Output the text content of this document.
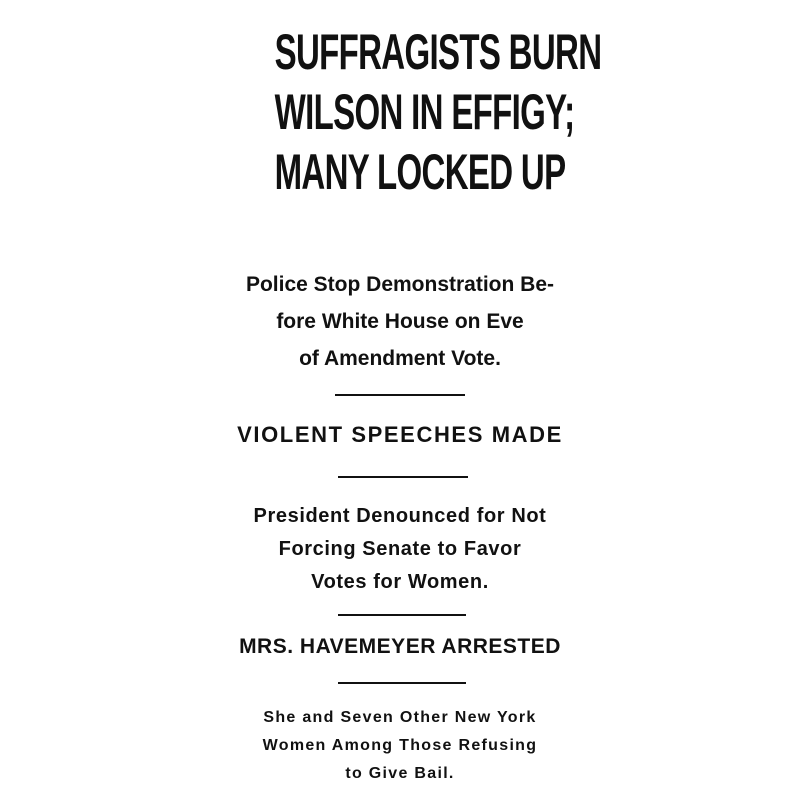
SUFFRAGISTS BURN
WILSON IN EFFIGY;
MANY LOCKED UP
Police Stop Demonstration Be-
fore White House on Eve
of Amendment Vote.
VIOLENT SPEECHES MADE
President Denounced for Not
Forcing Senate to Favor
Votes for Women.
MRS. HAVEMEYER ARRESTED
She and Seven Other New York
Women Among Those Refusing
to Give Bail.
